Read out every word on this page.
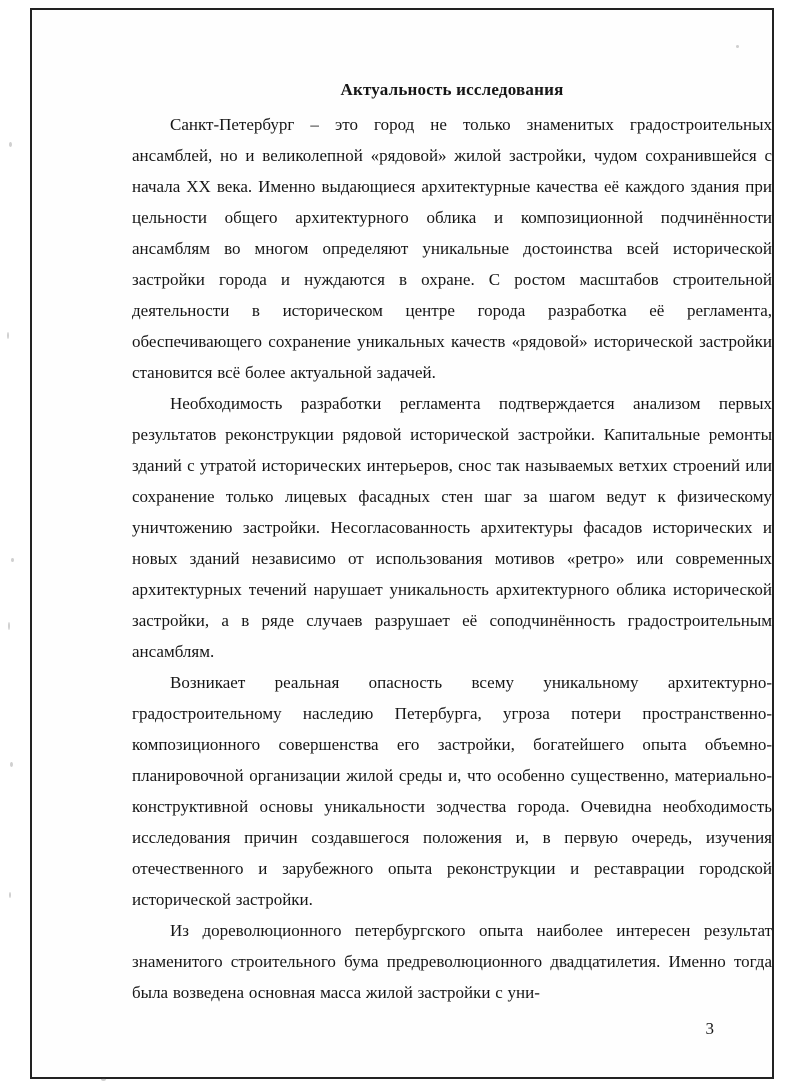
Актуальность исследования

Санкт-Петербург – это город не только знаменитых градостроительных ансамблей, но и великолепной «рядовой» жилой застройки, чудом сохранившейся с начала XX века. Именно выдающиеся архитектурные качества её каждого здания при цельности общего архитектурного облика и композиционной подчинённости ансамблям во многом определяют уникальные достоинства всей исторической застройки города и нуждаются в охране. С ростом масштабов строительной деятельности в историческом центре города разработка её регламента, обеспечивающего сохранение уникальных качеств «рядовой» исторической застройки становится всё более актуальной задачей.

Необходимость разработки регламента подтверждается анализом первых результатов реконструкции рядовой исторической застройки. Капитальные ремонты зданий с утратой исторических интерьеров, снос так называемых ветхих строений или сохранение только лицевых фасадных стен шаг за шагом ведут к физическому уничтожению застройки. Несогласованность архитектуры фасадов исторических и новых зданий независимо от использования мотивов «ретро» или современных архитектурных течений нарушает уникальность архитектурного облика исторической застройки, а в ряде случаев разрушает её соподчинённость градостроительным ансамблям.

Возникает реальная опасность всему уникальному архитектурно-градостроительному наследию Петербурга, угроза потери пространственно-композиционного совершенства его застройки, богатейшего опыта объемно-планировочной организации жилой среды и, что особенно существенно, материально-конструктивной основы уникальности зодчества города. Очевидна необходимость исследования причин создавшегося положения и, в первую очередь, изучения отечественного и зарубежного опыта реконструкции и реставрации городской исторической застройки.

Из дореволюционного петербургского опыта наиболее интересен результат знаменитого строительного бума предреволюционного двадцатилетия. Именно тогда была возведена основная масса жилой застройки с уни-

3
